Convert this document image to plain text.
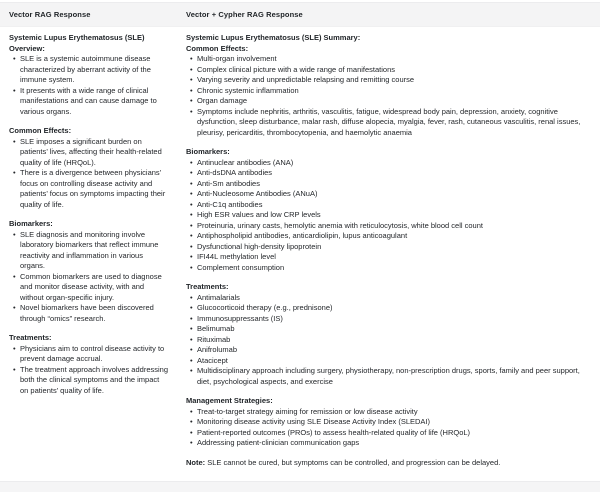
Vector RAG Response	Vector + Cypher RAG Response
Systemic Lupus Erythematosus (SLE) Overview:
• SLE is a systemic autoimmune disease characterized by aberrant activity of the immune system.
• It presents with a wide range of clinical manifestations and can cause damage to various organs.
Common Effects:
• SLE imposes a significant burden on patients’ lives, affecting their health-related quality of life (HRQoL).
• There is a divergence between physicians’ focus on controlling disease activity and patients’ focus on symptoms impacting their quality of life.
Biomarkers:
• SLE diagnosis and monitoring involve laboratory biomarkers that reflect immune reactivity and inflammation in various organs.
• Common biomarkers are used to diagnose and monitor disease activity, with and without organ-specific injury.
• Novel biomarkers have been discovered through “omics” research.
Treatments:
• Physicians aim to control disease activity to prevent damage accrual.
• The treatment approach involves addressing both the clinical symptoms and the impact on patients’ quality of life.
Systemic Lupus Erythematosus (SLE) Summary:
Common Effects:
• Multi-organ involvement
• Complex clinical picture with a wide range of manifestations
• Varying severity and unpredictable relapsing and remitting course
• Chronic systemic inflammation
• Organ damage
• Symptoms include nephritis, arthritis, vasculitis, fatigue, widespread body pain, depression, anxiety, cognitive dysfunction, sleep disturbance, malar rash, diffuse alopecia, myalgia, fever, rash, cutaneous vasculitis, renal issues, pleurisy, pericarditis, thrombocytopenia, and haemolytic anaemia
Biomarkers:
• Antinuclear antibodies (ANA)
• Anti-dsDNA antibodies
• Anti-Sm antibodies
• Anti-Nucleosome Antibodies (ANuA)
• Anti-C1q antibodies
• High ESR values and low CRP levels
• Proteinuria, urinary casts, hemolytic anemia with reticulocytosis, white blood cell count
• Antiphospholipid antibodies, anticardiolipin, lupus anticoagulant
• Dysfunctional high-density lipoprotein
• IFI44L methylation level
• Complement consumption
Treatments:
• Antimalarials
• Glucocorticoid therapy (e.g., prednisone)
• Immunosuppressants (IS)
• Belimumab
• Rituximab
• Anifrolumab
• Atacicept
• Multidisciplinary approach including surgery, physiotherapy, non-prescription drugs, sports, family and peer support, diet, psychological aspects, and exercise
Management Strategies:
• Treat-to-target strategy aiming for remission or low disease activity
• Monitoring disease activity using SLE Disease Activity Index (SLEDAI)
• Patient-reported outcomes (PROs) to assess health-related quality of life (HRQoL)
• Addressing patient-clinician communication gaps
Note: SLE cannot be cured, but symptoms can be controlled, and progression can be delayed.
